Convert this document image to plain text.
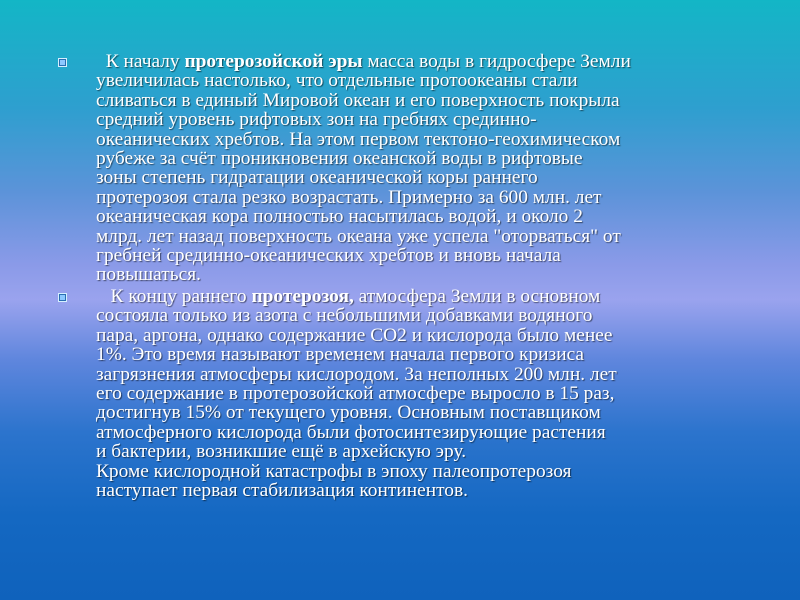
К началу протерозойской эры масса воды в гидросфере Земли
увеличилась настолько, что отдельные протоокеаны стали
сливаться в единый Мировой океан и его поверхность покрыла
средний уровень рифтовых зон на гребнях срединно-
океанических хребтов. На этом первом тектоно-геохимическом
рубеже за счёт проникновения океанской воды в рифтовые
зоны степень гидратации океанической коры раннего
протерозоя стала резко возрастать. Примерно за 600 млн. лет
океаническая кора полностью насытилась водой, и около 2
млрд. лет назад поверхность океана уже успела "оторваться" от
гребней срединно-океанических хребтов и вновь начала
повышаться.
К концу раннего протерозоя, атмосфера Земли в основном
состояла только из азота с небольшими добавками водяного
пара, аргона, однако содержание СО2 и кислорода было менее
1%. Это время называют временем начала первого кризиса
загрязнения атмосферы кислородом. За неполных 200 млн. лет
его содержание в протерозойской атмосфере выросло в 15 раз,
достигнув 15% от текущего уровня. Основным поставщиком
атмосферного кислорода были фотосинтезирующие растения
и бактерии, возникшие ещё в архейскую эру.
Кроме кислородной катастрофы в эпоху палеопротерозоя
наступает первая стабилизация континентов.
